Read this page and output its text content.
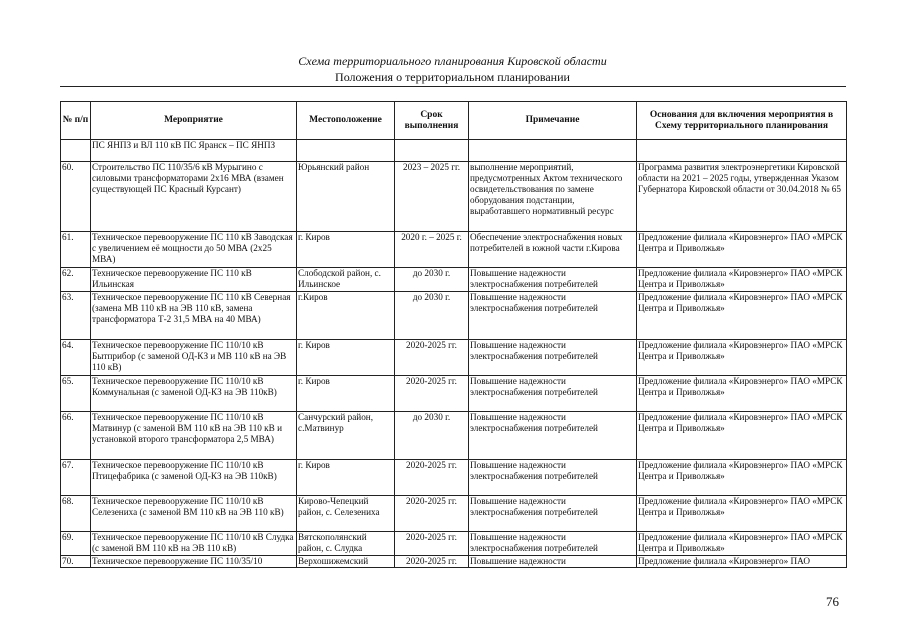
Схема территориального планирования Кировской области
Положения о территориальном планировании
№ п/п	Мероприятие	Местоположение	Срок выполнения	Примечание	Основания для включения мероприятия в Схему территориального планирования
	ПС ЯНПЗ и ВЛ 110 кВ ПС Яранск – ПС ЯНПЗ				
60.	Строительство ПС 110/35/6 кВ Мурыгино с силовыми трансформаторами 2х16 МВА (взамен существующей ПС Красный Курсант)	Юрьянский район	2023 – 2025 гг.	выполнение мероприятий, предусмотренных Актом технического освидетельствования по замене оборудования подстанции, выработавшего нормативный ресурс	Программа развития электроэнергетики Кировской области на 2021 – 2025 годы, утвержденная Указом Губернатора Кировской области от 30.04.2018 № 65
61.	Техническое перевооружение ПС 110 кВ Заводская с увеличением её мощности до 50 МВА (2х25 МВА)	г. Киров	2020 г. – 2025 г.	Обеспечение электроснабжения новых потребителей в южной части г.Кирова	Предложение филиала «Кировэнерго» ПАО «МРСК Центра и Приволжья»
62.	Техническое перевооружение ПС 110 кВ Ильинская	Слободской район, с. Ильинское	до 2030 г.	Повышение надежности электроснабжения потребителей	Предложение филиала «Кировэнерго» ПАО «МРСК Центра и Приволжья»
63.	Техническое перевооружение ПС 110 кВ Северная (замена МВ 110 кВ на ЭВ 110 кВ, замена трансформатора Т-2 31,5 МВА на 40 МВА)	г.Киров	до 2030 г.	Повышение надежности электроснабжения потребителей	Предложение филиала «Кировэнерго» ПАО «МРСК Центра и Приволжья»
64.	Техническое перевооружение ПС 110/10 кВ Бытприбор (с заменой ОД-КЗ и МВ 110 кВ на ЭВ 110 кВ)	г. Киров	2020-2025 гг.	Повышение надежности электроснабжения потребителей	Предложение филиала «Кировэнерго» ПАО «МРСК Центра и Приволжья»
65.	Техническое перевооружение ПС 110/10 кВ Коммунальная (с заменой ОД-КЗ на ЭВ 110кВ)	г. Киров	2020-2025 гг.	Повышение надежности электроснабжения потребителей	Предложение филиала «Кировэнерго» ПАО «МРСК Центра и Приволжья»
66.	Техническое перевооружение ПС 110/10 кВ Матвинур (с заменой ВМ 110 кВ на ЭВ 110 кВ и установкой второго трансформатора 2,5 МВА)	Санчурский район, с.Матвинур	до 2030 г.	Повышение надежности электроснабжения потребителей	Предложение филиала «Кировэнерго» ПАО «МРСК Центра и Приволжья»
67.	Техническое перевооружение ПС 110/10 кВ Птицефабрика (с заменой ОД-КЗ на ЭВ 110кВ)	г. Киров	2020-2025 гг.	Повышение надежности электроснабжения потребителей	Предложение филиала «Кировэнерго» ПАО «МРСК Центра и Приволжья»
68.	Техническое перевооружение ПС 110/10 кВ Селезениха (с заменой ВМ 110 кВ на ЭВ 110 кВ)	Кирово-Чепецкий район, с. Селезениха	2020-2025 гг.	Повышение надежности электроснабжения потребителей	Предложение филиала «Кировэнерго» ПАО «МРСК Центра и Приволжья»
69.	Техническое перевооружение ПС 110/10 кВ Слудка (с заменой ВМ 110 кВ на ЭВ 110 кВ)	Вятскополянский район, с. Слудка	2020-2025 гг.	Повышение надежности электроснабжения потребителей	Предложение филиала «Кировэнерго» ПАО «МРСК Центра и Приволжья»
70.	Техническое перевооружение ПС 110/35/10	Верхошижемский	2020-2025 гг.	Повышение надежности	Предложение филиала «Кировэнерго» ПАО
76
